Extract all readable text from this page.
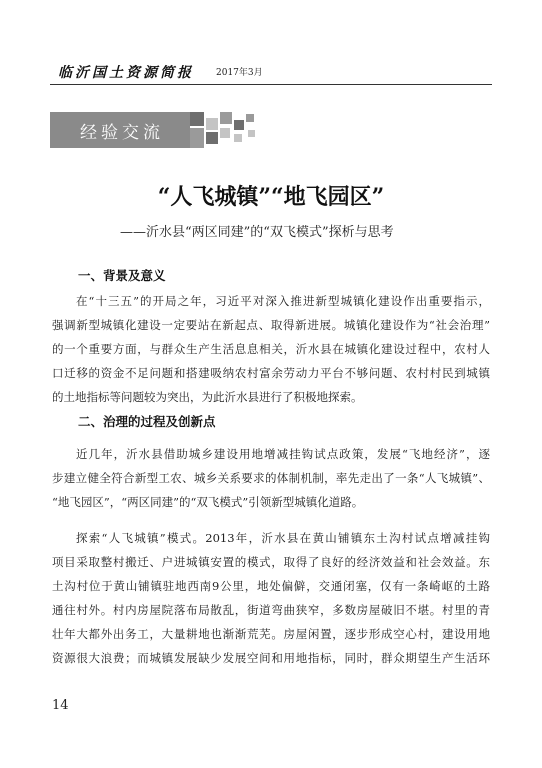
临沂国土资源简报 2017年3月
经验交流
“人飞城镇”“地飞园区”
——沂水县“两区同建”的“双飞模式”探析与思考
一、背景及意义
在“十三五”的开局之年，习近平对深入推进新型城镇化建设作出重要指示，
强调新型城镇化建设一定要站在新起点、取得新进展。城镇化建设作为“社会治理”
的一个重要方面，与群众生产生活息息相关，沂水县在城镇化建设过程中，农村人
口迁移的资金不足问题和搭建吸纳农村富余劳动力平台不够问题、农村村民到城镇
的土地指标等问题较为突出，为此沂水县进行了积极地探索。
二、治理的过程及创新点
近几年，沂水县借助城乡建设用地增减挂钩试点政策，发展“飞地经济”，逐
步建立健全符合新型工农、城乡关系要求的体制机制，率先走出了一条“人飞城镇”、
“地飞园区”，“两区同建”的“双飞模式”引领新型城镇化道路。
探索“人飞城镇”模式。2013年，沂水县在黄山铺镇东土沟村试点增减挂钩
项目采取整村搬迁、户进城镇安置的模式，取得了良好的经济效益和社会效益。东
土沟村位于黄山铺镇驻地西南9公里，地处偏僻，交通闭塞，仅有一条崎岖的土路
通往村外。村内房屋院落布局散乱，街道弯曲狭窄，多数房屋破旧不堪。村里的青
壮年大都外出务工，大量耕地也渐渐荒芜。房屋闲置，逐步形成空心村，建设用地
资源很大浪费；而城镇发展缺少发展空间和用地指标，同时，群众期望生产生活环
14
